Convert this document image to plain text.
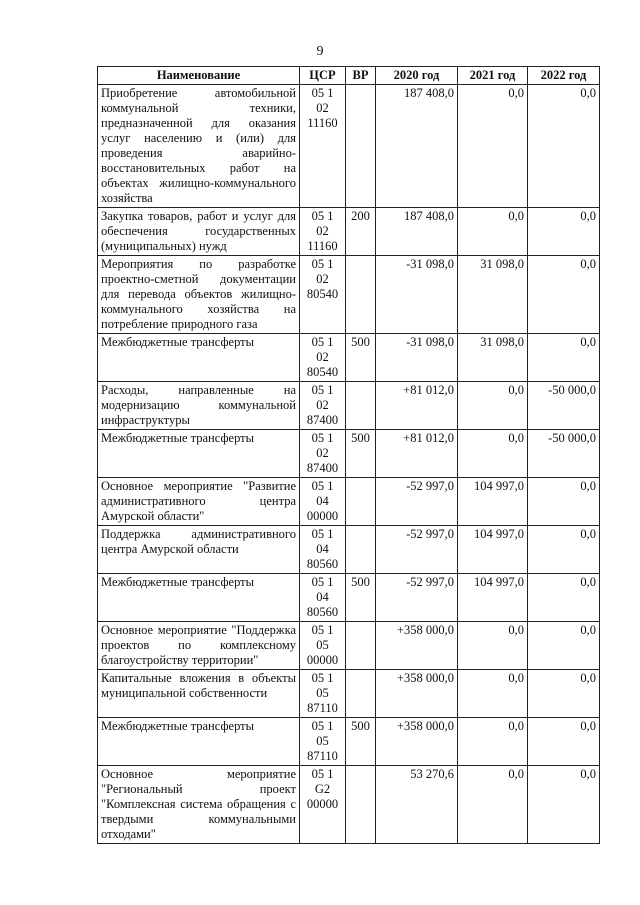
9
Наименование	ЦСР	ВР	2020 год	2021 год	2022 год
Приобретение автомобильной коммунальной техники, предназначенной для оказания услуг населению и (или) для проведения аварийно-восстановительных работ на объектах жилищно-коммунального хозяйства	05 1
02
11160		187 408,0	0,0	0,0
Закупка товаров, работ и услуг для обеспечения государственных (муниципальных) нужд	05 1
02
11160	200	187 408,0	0,0	0,0
Мероприятия по разработке проектно-сметной документации для перевода объектов жилищно-коммунального хозяйства на потребление природного газа	05 1
02
80540		-31 098,0	31 098,0	0,0
Межбюджетные трансферты	05 1
02
80540	500	-31 098,0	31 098,0	0,0
Расходы, направленные на модернизацию коммунальной инфраструктуры	05 1
02
87400		+81 012,0	0,0	-50 000,0
Межбюджетные трансферты	05 1
02
87400	500	+81 012,0	0,0	-50 000,0
Основное мероприятие "Развитие административного центра Амурской области"	05 1
04
00000		-52 997,0	104 997,0	0,0
Поддержка административного центра Амурской области	05 1
04
80560		-52 997,0	104 997,0	0,0
Межбюджетные трансферты	05 1
04
80560	500	-52 997,0	104 997,0	0,0
Основное мероприятие "Поддержка проектов по комплексному благоустройству территории"	05 1
05
00000		+358 000,0	0,0	0,0
Капитальные вложения в объекты муниципальной собственности	05 1
05
87110		+358 000,0	0,0	0,0
Межбюджетные трансферты	05 1
05
87110	500	+358 000,0	0,0	0,0
Основное мероприятие "Региональный проект "Комплексная система обращения с твердыми коммунальными отходами"	05 1
G2
00000		53 270,6	0,0	0,0
